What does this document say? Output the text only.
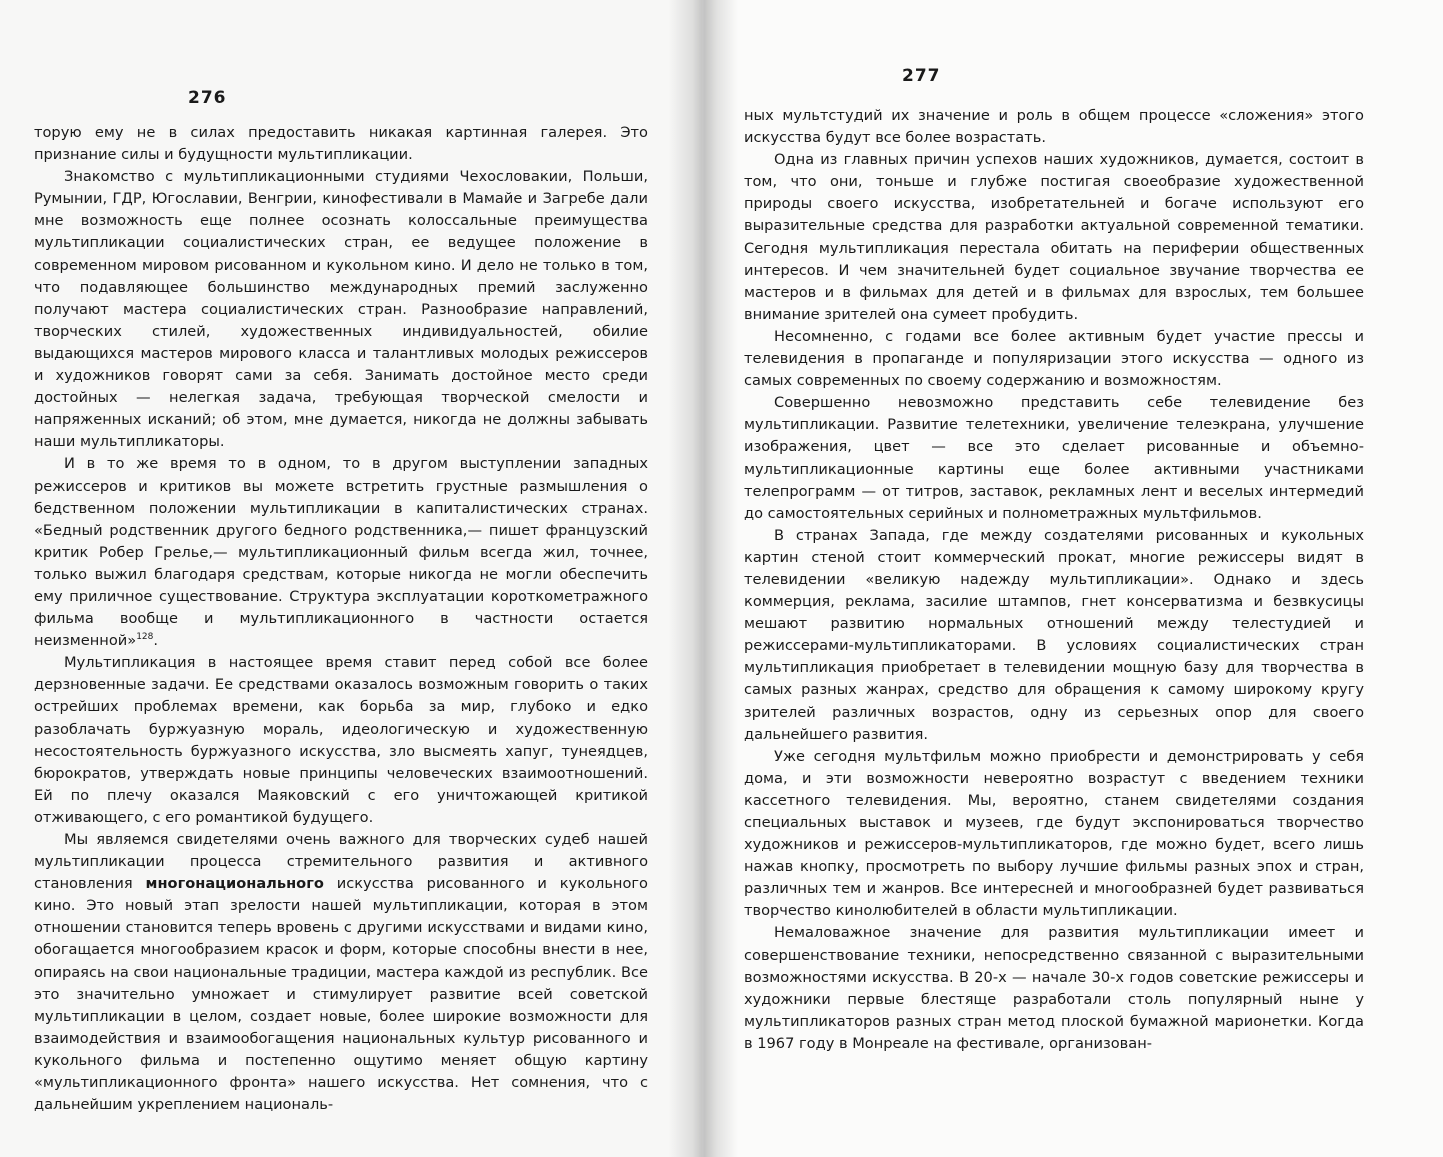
276

торую ему не в силах предоставить никакая картинная галерея. Это признание силы и будущности мультипликации.

Знакомство с мультипликационными студиями Чехословакии, Польши, Румынии, ГДР, Югославии, Венгрии, кинофестивали в Мамайе и Загребе дали мне возможность еще полнее осознать колоссальные преимущества мультипликации социалистических стран, ее ведущее положение в современном мировом рисованном и кукольном кино. И дело не только в том, что подавляющее большинство международных премий заслуженно получают мастера социалистических стран. Разнообразие направлений, творческих стилей, художественных индивидуальностей, обилие выдающихся мастеров мирового класса и талантливых молодых режиссеров и художников говорят сами за себя. Занимать достойное место среди достойных — нелегкая задача, требующая творческой смелости и напряженных исканий; об этом, мне думается, никогда не должны забывать наши мультипликаторы.

И в то же время то в одном, то в другом выступлении западных режиссеров и критиков вы можете встретить грустные размышления о бедственном положении мультипликации в капиталистических странах. «Бедный родственник другого бедного родственника,— пишет французский критик Робер Грелье,— мультипликационный фильм всегда жил, точнее, только выжил благодаря средствам, которые никогда не могли обеспечить ему приличное существование. Структура эксплуатации короткометражного фильма вообще и мультипликационного в частности остается неизменной»$^{128}$.

Мультипликация в настоящее время ставит перед собой все более дерзновенные задачи. Ее средствами оказалось возможным говорить о таких острейших проблемах времени, как борьба за мир, глубоко и едко разоблачать буржуазную мораль, идеологическую и художественную несостоятельность буржуазного искусства, зло высмеять хапуг, тунеядцев, бюрократов, утверждать новые принципы человеческих взаимоотношений. Ей по плечу оказался Маяковский с его уничтожающей критикой отживающего, с его романтикой будущего.

Мы являемся свидетелями очень важного для творческих судеб нашей мультипликации процесса стремительного развития и активного становления многонационального искусства рисованного и кукольного кино. Это новый этап зрелости нашей мультипликации, которая в этом отношении становится теперь вровень с другими искусствами и видами кино, обогащается многообразием красок и форм, которые способны внести в нее, опираясь на свои национальные традиции, мастера каждой из республик. Все это значительно умножает и стимулирует развитие всей советской мультипликации в целом, создает новые, более широкие возможности для взаимодействия и взаимообогащения национальных культур рисованного и кукольного фильма и постепенно ощутимо меняет общую картину «мультипликационного фронта» нашего искусства. Нет сомнения, что с дальнейшим укреплением националь-

277

ных мультстудий их значение и роль в общем процессе «сложения» этого искусства будут все более возрастать.

Одна из главных причин успехов наших художников, думается, состоит в том, что они, тоньше и глубже постигая своеобразие художественной природы своего искусства, изобретательней и богаче используют его выразительные средства для разработки актуальной современной тематики. Сегодня мультипликация перестала обитать на периферии общественных интересов. И чем значительней будет социальное звучание творчества ее мастеров и в фильмах для детей и в фильмах для взрослых, тем большее внимание зрителей она сумеет пробудить.

Несомненно, с годами все более активным будет участие прессы и телевидения в пропаганде и популяризации этого искусства — одного из самых современных по своему содержанию и возможностям.

Совершенно невозможно представить себе телевидение без мультипликации. Развитие телетехники, увеличение телеэкрана, улучшение изображения, цвет — все это сделает рисованные и объемно-мультипликационные картины еще более активными участниками телепрограмм — от титров, заставок, рекламных лент и веселых интермедий до самостоятельных серийных и полнометражных мультфильмов.

В странах Запада, где между создателями рисованных и кукольных картин стеной стоит коммерческий прокат, многие режиссеры видят в телевидении «великую надежду мультипликации». Однако и здесь коммерция, реклама, засилие штампов, гнет консерватизма и безвкусицы мешают развитию нормальных отношений между телестудией и режиссерами-мультипликаторами. В условиях социалистических стран мультипликация приобретает в телевидении мощную базу для творчества в самых разных жанрах, средство для обращения к самому широкому кругу зрителей различных возрастов, одну из серьезных опор для своего дальнейшего развития.

Уже сегодня мультфильм можно приобрести и демонстрировать у себя дома, и эти возможности невероятно возрастут с введением техники кассетного телевидения. Мы, вероятно, станем свидетелями создания специальных выставок и музеев, где будут экспонироваться творчество художников и режиссеров-мультипликаторов, где можно будет, всего лишь нажав кнопку, просмотреть по выбору лучшие фильмы разных эпох и стран, различных тем и жанров. Все интересней и многообразней будет развиваться творчество кинолюбителей в области мультипликации.

Немаловажное значение для развития мультипликации имеет и совершенствование техники, непосредственно связанной с выразительными возможностями искусства. В 20-х — начале 30-х годов советские режиссеры и художники первые блестяще разработали столь популярный ныне у мультипликаторов разных стран метод плоской бумажной марионетки. Когда в 1967 году в Монреале на фестивале, организован-
